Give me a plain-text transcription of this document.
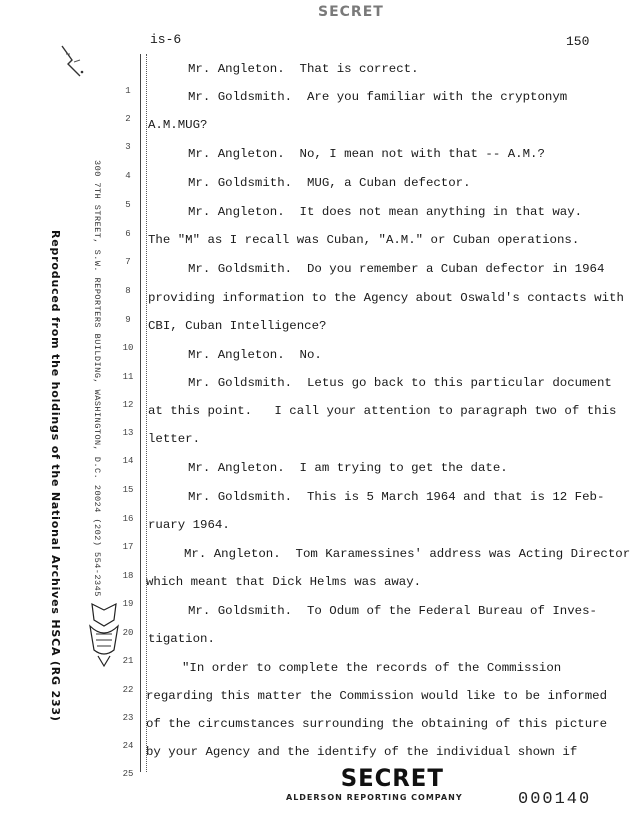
SECRET
is-6	150
Reproduced from the holdings of the National Archives HSCA (RG 233)	300 7TH STREET, S.W. REPORTERS BUILDING, WASHINGTON, D.C. 20024 (202) 554-2345

1

Mr. Angleton.  That is correct.

2

Mr. Goldsmith.  Are you familiar with the cryptonym

3

A.M.MUG?

4

Mr. Angleton.  No, I mean not with that -- A.M.?

5

Mr. Goldsmith.  MUG, a Cuban defector.

6

Mr. Angleton.  It does not mean anything in that way.

7

The "M" as I recall was Cuban, "A.M." or Cuban operations.

8

Mr. Goldsmith.  Do you remember a Cuban defector in 1964

9

providing information to the Agency about Oswald's contacts with

10

CBI, Cuban Intelligence?

11

Mr. Angleton.  No.

12

Mr. Goldsmith.  Letus go back to this particular document

13

at this point.   I call your attention to paragraph two of this

14

letter.

15

Mr. Angleton.  I am trying to get the date.

16

Mr. Goldsmith.  This is 5 March 1964 and that is 12 Feb-

17

ruary 1964.

18

Mr. Angleton.  Tom Karamessines' address was Acting Director

19

which meant that Dick Helms was away.

20

Mr. Goldsmith.  To Odum of the Federal Bureau of Inves-

21

tigation.

22

"In order to complete the records of the Commission

23

regarding this matter the Commission would like to be informed

24

of the circumstances surrounding the obtaining of this picture

25

by your Agency and the identify of the individual shown if

SECRET
ALDERSON REPORTING COMPANY	000140
